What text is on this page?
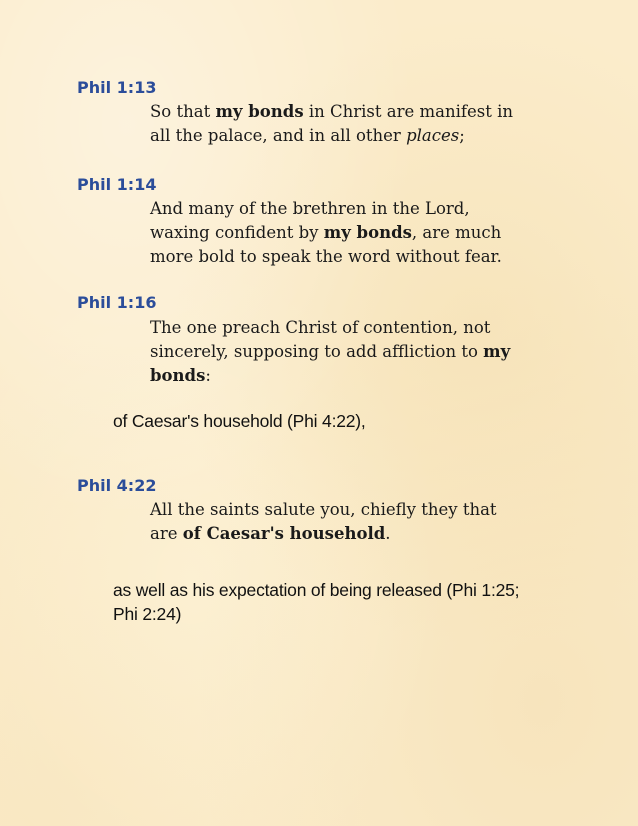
Phil 1:13
So that my bonds in Christ are manifest in
all the palace, and in all other places;
Phil 1:14
And many of the brethren in the Lord,
waxing confident by my bonds, are much
more bold to speak the word without fear.
Phil 1:16
The one preach Christ of contention, not
sincerely, supposing to add affliction to my
bonds:
of Caesar's household (Phi 4:22),
Phil 4:22
All the saints salute you, chiefly they that
are of Caesar's household.
as well as his expectation of being released (Phi 1:25;
Phi 2:24)
